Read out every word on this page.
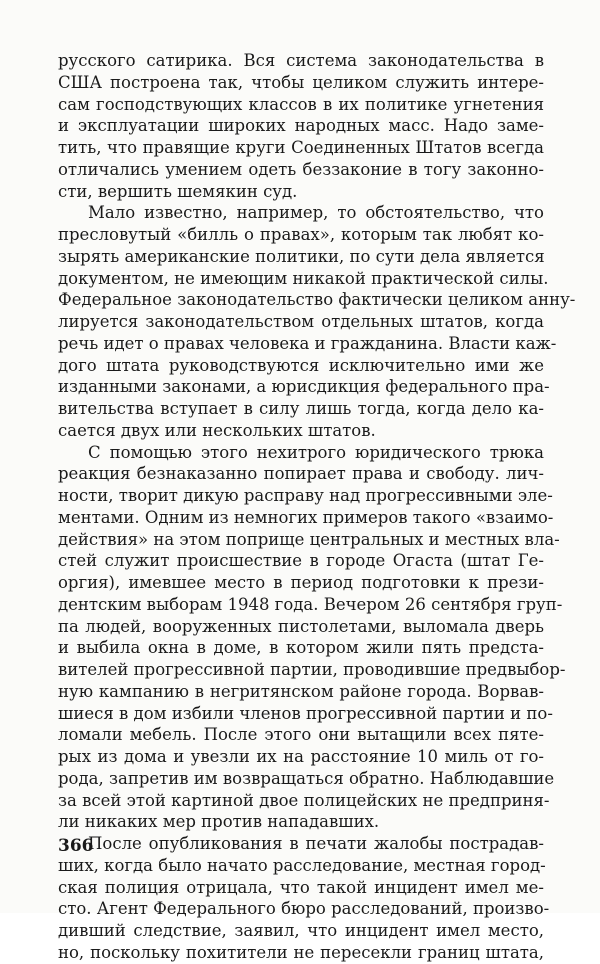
русского сатирика. Вся система законодательства в
США построена так, чтобы целиком служить интере-
сам господствующих классов в их политике угнетения
и эксплуатации широких народных масс. Надо заме-
тить, что правящие круги Соединенных Штатов всегда
отличались умением одеть беззаконие в тогу законно-
сти, вершить шемякин суд.
Мало известно, например, то обстоятельство, что
пресловутый «билль о правах», которым так любят ко-
зырять американские политики, по сути дела является
документом, не имеющим никакой практической силы.
Федеральное законодательство фактически целиком анну-
лируется законодательством отдельных штатов, когда
речь идет о правах человека и гражданина. Власти каж-
дого штата руководствуются исключительно ими же
изданными законами, а юрисдикция федерального пра-
вительства вступает в силу лишь тогда, когда дело ка-
сается двух или нескольких штатов.
С помощью этого нехитрого юридического трюка
реакция безнаказанно попирает права и свободу. лич-
ности, творит дикую расправу над прогрессивными эле-
ментами. Одним из немногих примеров такого «взаимо-
действия» на этом поприще центральных и местных вла-
стей служит происшествие в городе Огаста (штат Ге-
оргия), имевшее место в период подготовки к прези-
дентским выборам 1948 года. Вечером 26 сентября груп-
па людей, вооруженных пистолетами, выломала дверь
и выбила окна в доме, в котором жили пять предста-
вителей прогрессивной партии, проводившие предвыбор-
ную кампанию в негритянском районе города. Ворвав-
шиеся в дом избили членов прогрессивной партии и по-
ломали мебель. После этого они вытащили всех пяте-
рых из дома и увезли их на расстояние 10 миль от го-
рода, запретив им возвращаться обратно. Наблюдавшие
за всей этой картиной двое полицейских не предприня-
ли никаких мер против нападавших.
После опубликования в печати жалобы пострадав-
ших, когда было начато расследование, местная город-
ская полиция отрицала, что такой инцидент имел ме-
сто. Агент Федерального бюро расследований, произво-
дивший следствие, заявил, что инцидент имел место,
но, поскольку похитители не пересекли границ штата,
366
